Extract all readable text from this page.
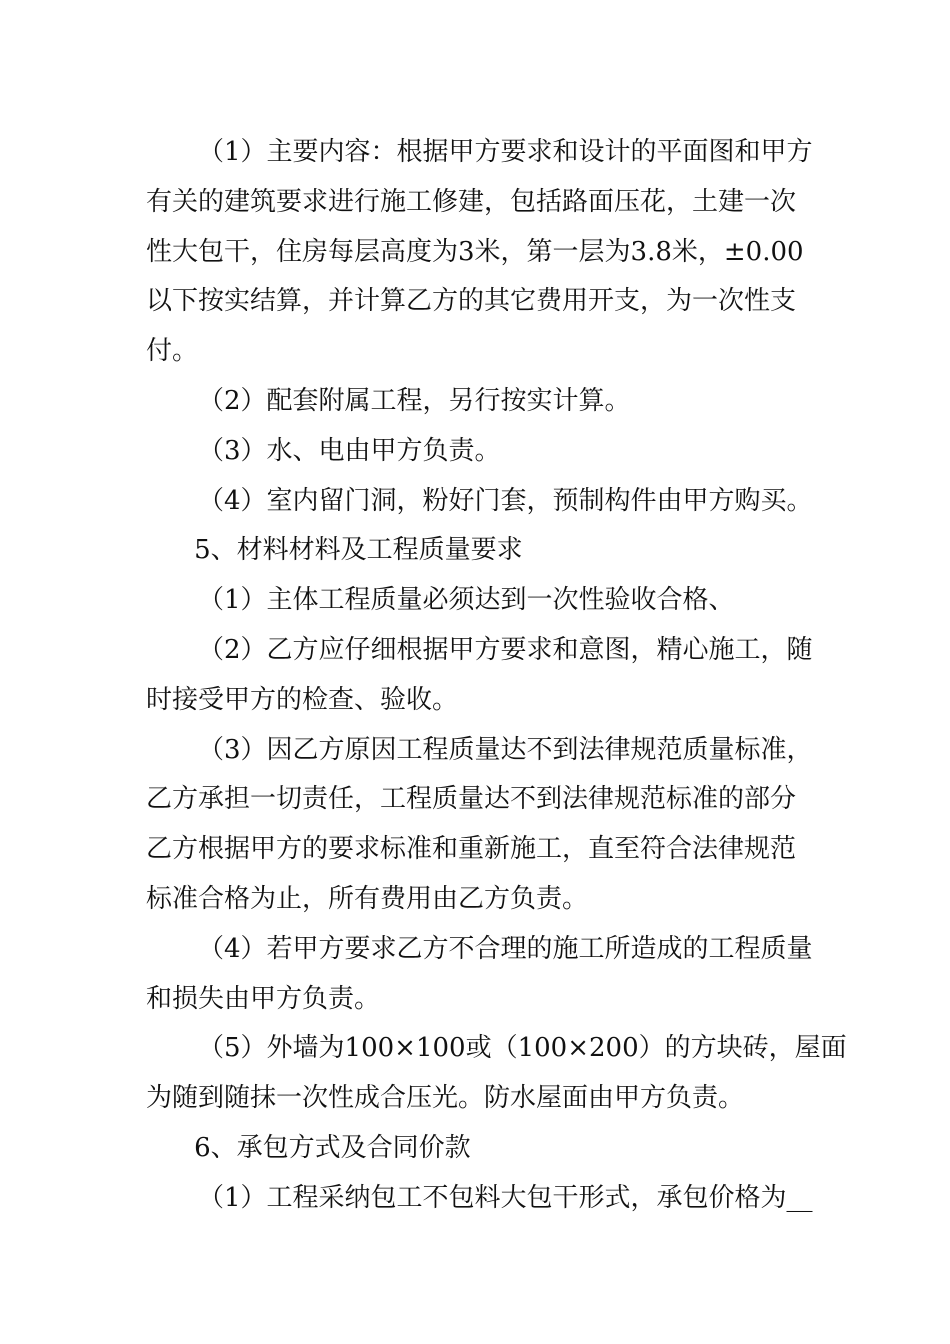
（1）主要内容：根据甲方要求和设计的平面图和甲方
有关的建筑要求进行施工修建，包括路面压花，土建一次
性大包干，住房每层高度为3米，第一层为3.8米，±0.00
以下按实结算，并计算乙方的其它费用开支，为一次性支
付。
（2）配套附属工程，另行按实计算。
（3）水、电由甲方负责。
（4）室内留门洞，粉好门套，预制构件由甲方购买。
5、材料材料及工程质量要求
（1）主体工程质量必须达到一次性验收合格、
（2）乙方应仔细根据甲方要求和意图，精心施工，随
时接受甲方的检查、验收。
（3）因乙方原因工程质量达不到法律规范质量标准，
乙方承担一切责任，工程质量达不到法律规范标准的部分
乙方根据甲方的要求标准和重新施工，直至符合法律规范
标准合格为止，所有费用由乙方负责。
（4）若甲方要求乙方不合理的施工所造成的工程质量
和损失由甲方负责。
（5）外墙为100×100或（100×200）的方块砖，屋面
为随到随抹一次性成合压光。防水屋面由甲方负责。
6、承包方式及合同价款
（1）工程采纳包工不包料大包干形式，承包价格为__
